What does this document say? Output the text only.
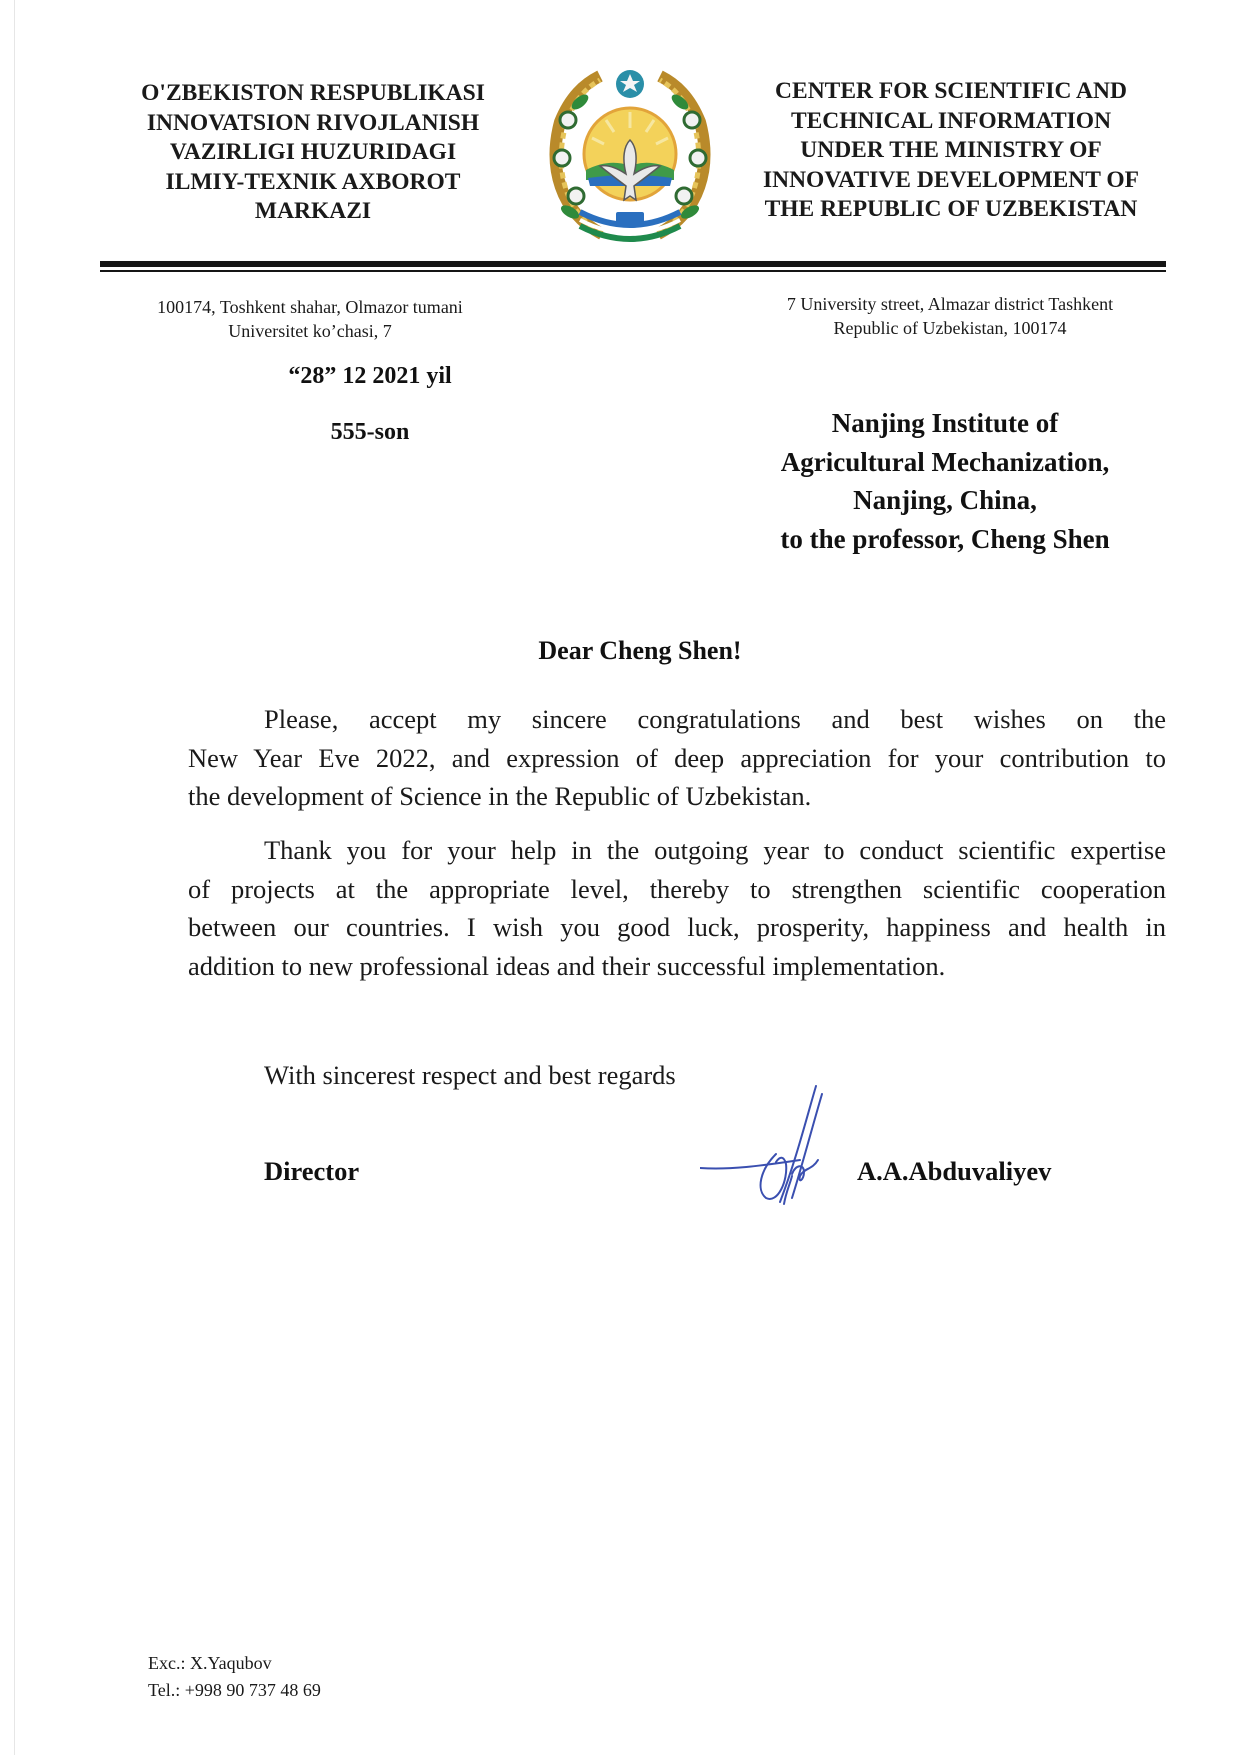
O'ZBEKISTON RESPUBLIKASI
INNOVATSION RIVOJLANISH
VAZIRLIGI HUZURIDAGI
ILMIY-TEXNIK AXBOROT
MARKAZI
CENTER FOR SCIENTIFIC AND
TECHNICAL INFORMATION
UNDER THE MINISTRY OF
INNOVATIVE DEVELOPMENT OF
THE REPUBLIC OF UZBEKISTAN
100174, Toshkent shahar, Olmazor tumani
Universitet ko’chasi, 7
7 University street, Almazar district Tashkent
Republic of Uzbekistan, 100174
“28” 12 2021 yil
555-son	Nanjing Institute of
Agricultural Mechanization,
Nanjing, China,
to the professor, Cheng Shen
Dear Cheng Shen!
Please, accept my sincere congratulations and best wishes on the
New Year Eve 2022, and expression of deep appreciation for your contribution to
the development of Science in the Republic of Uzbekistan.
Thank you for your help in the outgoing year to conduct scientific expertise
of projects at the appropriate level, thereby to strengthen scientific cooperation
between our countries. I wish you good luck, prosperity, happiness and health in
addition to new professional ideas and their successful implementation.
With sincerest respect and best regards
Director	A.A.Abduvaliyev
Exc.: X.Yaqubov
Tel.: +998 90 737 48 69
